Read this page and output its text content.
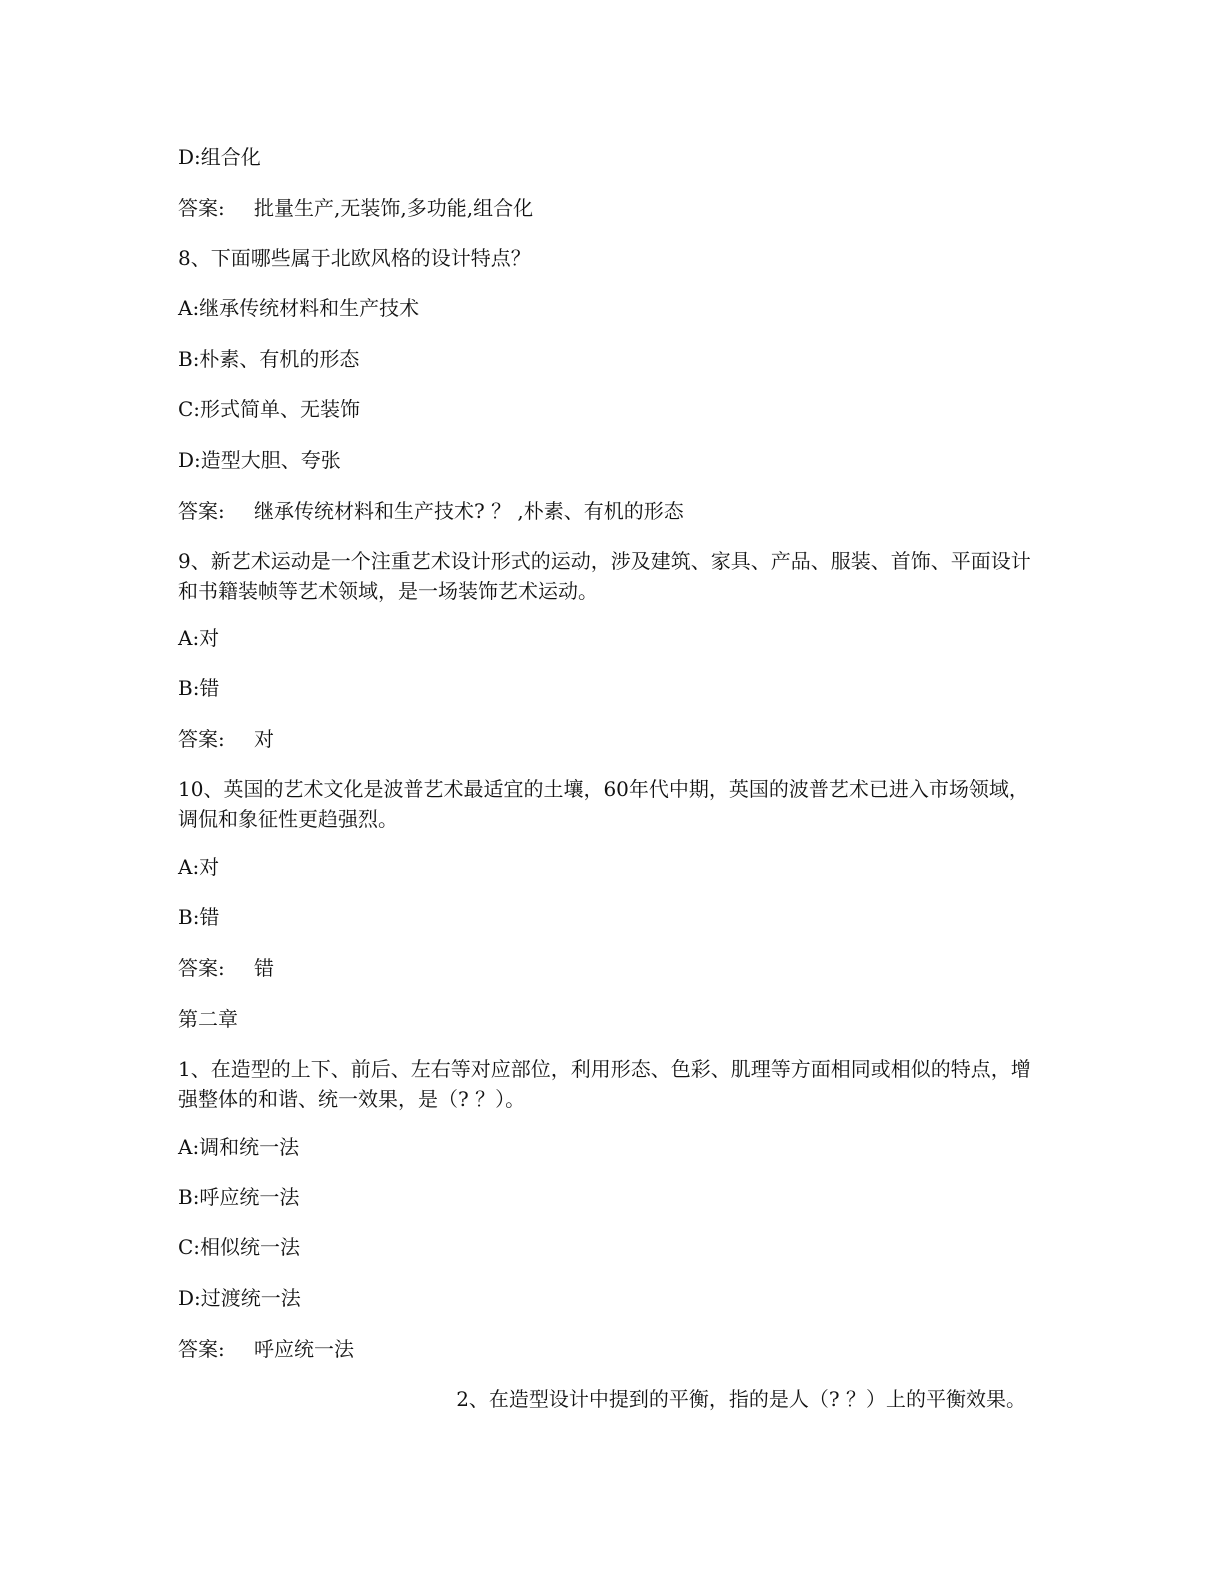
D:组合化
答案: 批量生产,无装饰,多功能,组合化
8、下面哪些属于北欧风格的设计特点？
A:继承传统材料和生产技术
B:朴素、有机的形态
C:形式简单、无装饰
D:造型大胆、夸张
答案: 继承传统材料和生产技术? ？ ,朴素、有机的形态
9、新艺术运动是一个注重艺术设计形式的运动，涉及建筑、家具、产品、服装、首饰、平面设计和书籍装帧等艺术领域，是一场装饰艺术运动。
A:对
B:错
答案: 对
10、英国的艺术文化是波普艺术最适宜的土壤，60年代中期，英国的波普艺术已进入市场领域，调侃和象征性更趋强烈。
A:对
B:错
答案: 错
第二章
1、在造型的上下、前后、左右等对应部位，利用形态、色彩、肌理等方面相同或相似的特点，增强整体的和谐、统一效果，是（? ？）。
A:调和统一法
B:呼应统一法
C:相似统一法
D:过渡统一法
答案: 呼应统一法
2、在造型设计中提到的平衡，指的是人（? ？）上的平衡效果。
